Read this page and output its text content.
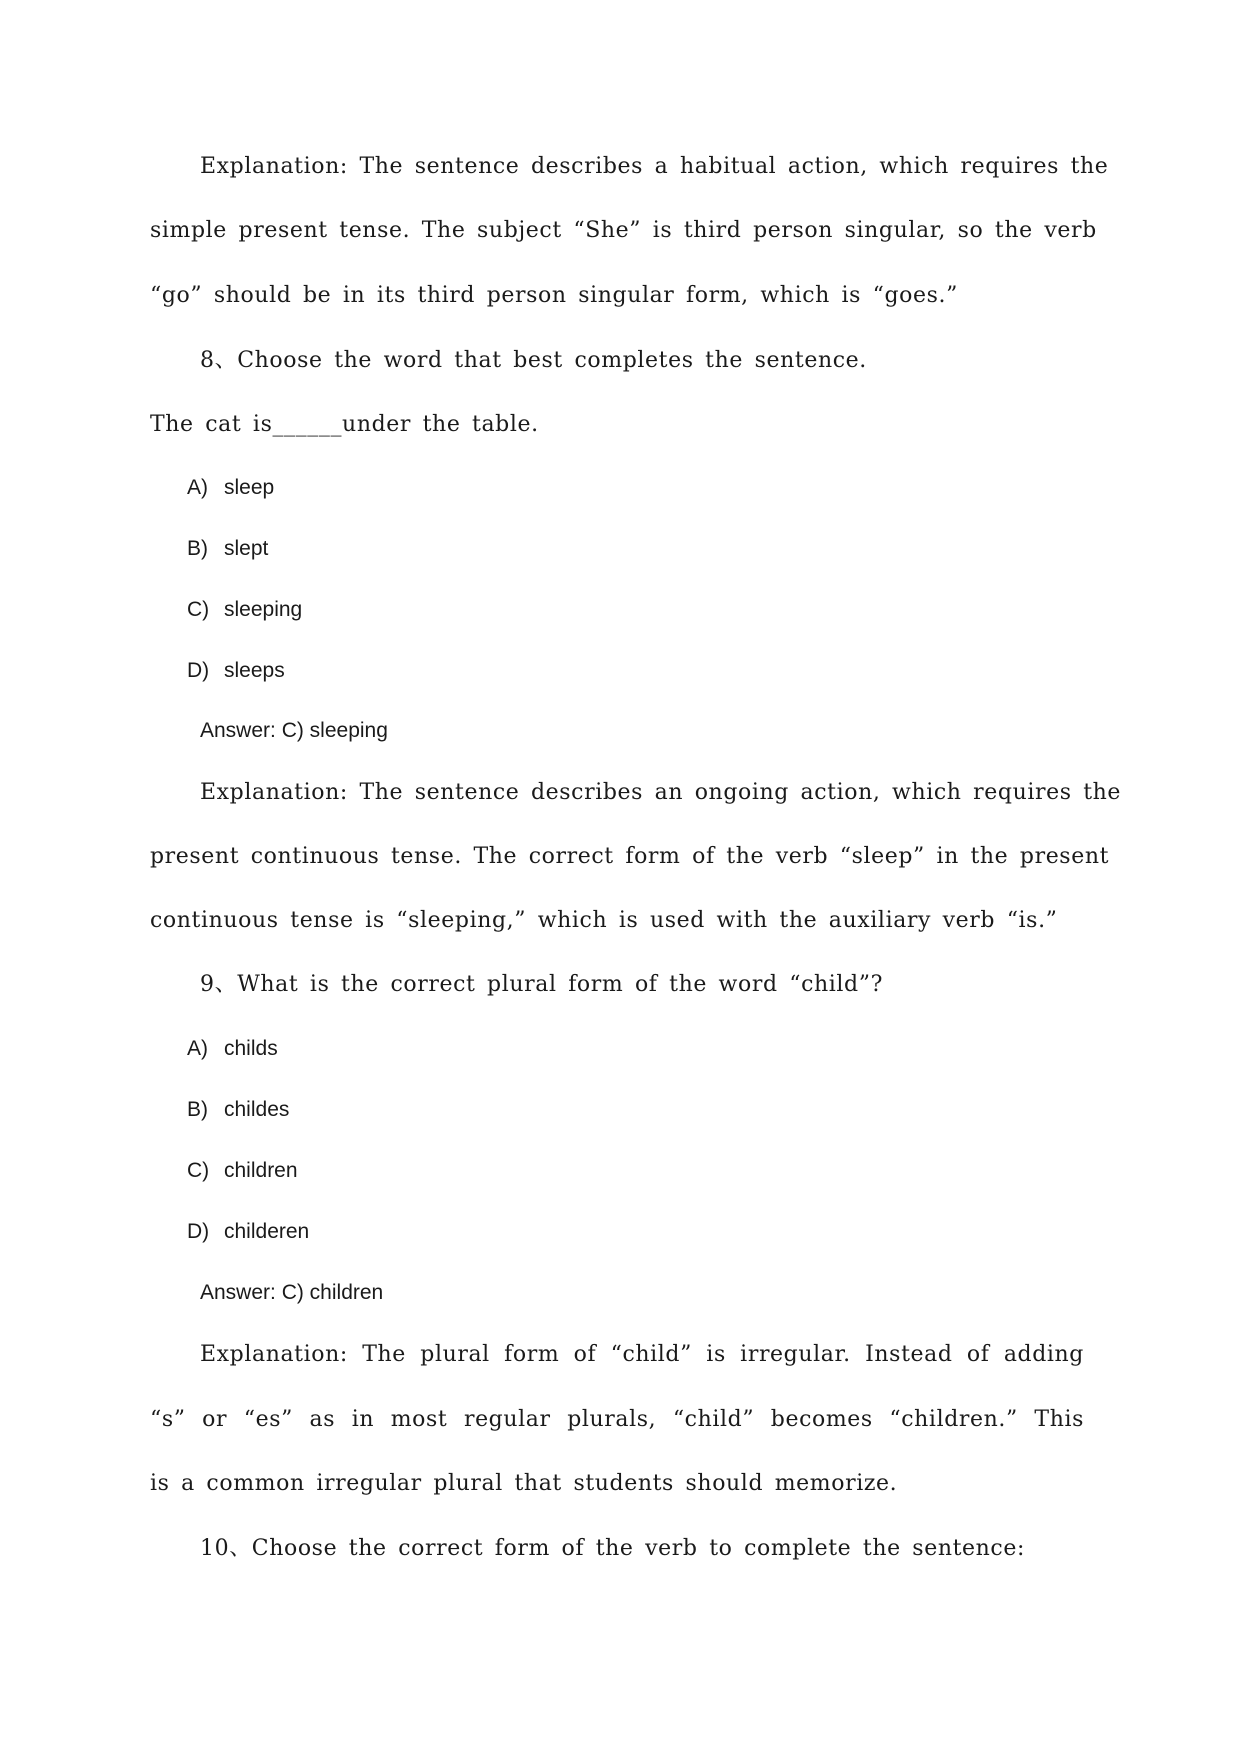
Explanation: The sentence describes a habitual action, which requires the
simple present tense. The subject “She” is third person singular, so the verb
“go” should be in its third person singular form, which is “goes.”
8、Choose the word that best completes the sentence.
The cat is______under the table.
A) sleep
B) slept
C) sleeping
D) sleeps
Answer: C) sleeping
Explanation: The sentence describes an ongoing action, which requires the
present continuous tense. The correct form of the verb “sleep” in the present
continuous tense is “sleeping,” which is used with the auxiliary verb “is.”
9、What is the correct plural form of the word “child”?
A) childs
B) childes
C) children
D) childeren
Answer: C) children
Explanation: The plural form of “child” is irregular. Instead of adding
“s” or “es” as in most regular plurals, “child” becomes “children.” This
is a common irregular plural that students should memorize.
10、Choose the correct form of the verb to complete the sentence:
